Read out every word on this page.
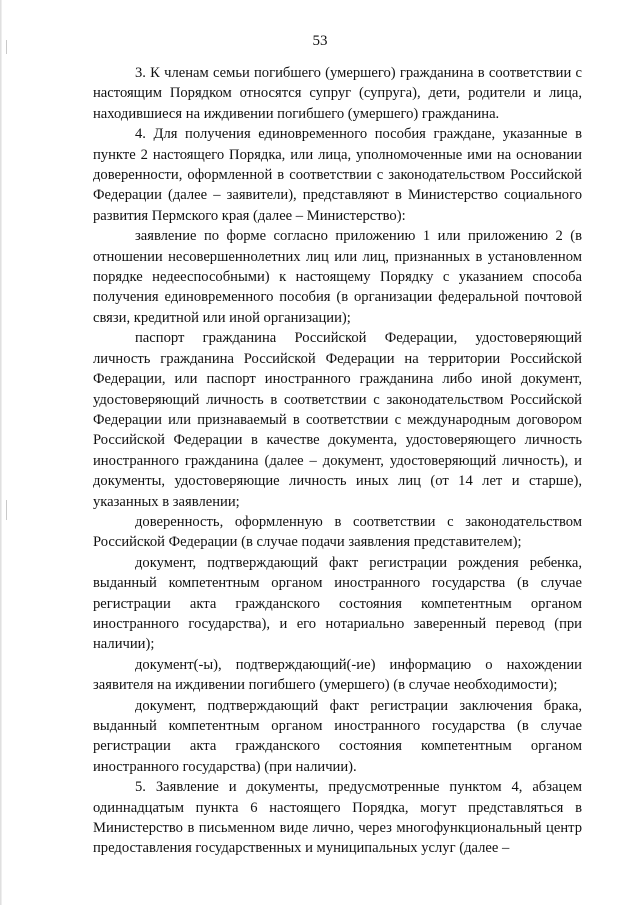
53

3. К членам семьи погибшего (умершего) гражданина в соответствии с настоящим Порядком относятся супруг (супруга), дети, родители и лица, находившиеся на иждивении погибшего (умершего) гражданина.

4. Для получения единовременного пособия граждане, указанные в пункте 2 настоящего Порядка, или лица, уполномоченные ими на основании доверенности, оформленной в соответствии с законодательством Российской Федерации (далее – заявители), представляют в Министерство социального развития Пермского края (далее – Министерство):

заявление по форме согласно приложению 1 или приложению 2 (в отношении несовершеннолетних лиц или лиц, признанных в установленном порядке недееспособными) к настоящему Порядку с указанием способа получения единовременного пособия (в организации федеральной почтовой связи, кредитной или иной организации);

паспорт гражданина Российской Федерации, удостоверяющий личность гражданина Российской Федерации на территории Российской Федерации, или паспорт иностранного гражданина либо иной документ, удостоверяющий личность в соответствии с законодательством Российской Федерации или признаваемый в соответствии с международным договором Российской Федерации в качестве документа, удостоверяющего личность иностранного гражданина (далее – документ, удостоверяющий личность), и документы, удостоверяющие личность иных лиц (от 14 лет и старше), указанных в заявлении;

доверенность, оформленную в соответствии с законодательством Российской Федерации (в случае подачи заявления представителем);

документ, подтверждающий факт регистрации рождения ребенка, выданный компетентным органом иностранного государства (в случае регистрации акта гражданского состояния компетентным органом иностранного государства), и его нотариально заверенный перевод (при наличии);

документ(-ы), подтверждающий(-ие) информацию о нахождении заявителя на иждивении погибшего (умершего) (в случае необходимости);

документ, подтверждающий факт регистрации заключения брака, выданный компетентным органом иностранного государства (в случае регистрации акта гражданского состояния компетентным органом иностранного государства) (при наличии).

5. Заявление и документы, предусмотренные пунктом 4, абзацем одиннадцатым пункта 6 настоящего Порядка, могут представляться в Министерство в письменном виде лично, через многофункциональный центр предоставления государственных и муниципальных услуг (далее –
